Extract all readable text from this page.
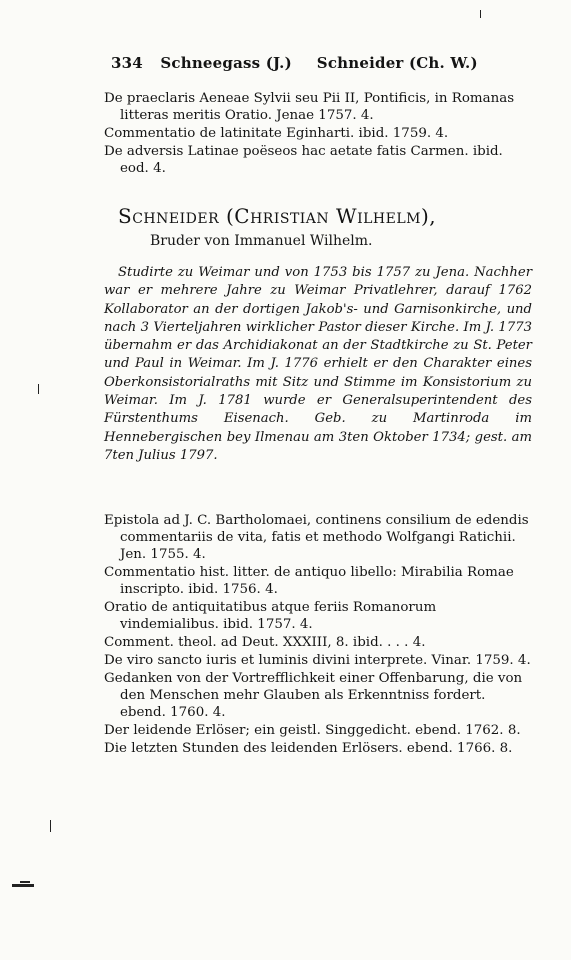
334 Schneegass (J.) Schneider (Ch. W.)

De praeclaris Aeneae Sylvii seu Pii II, Pontificis, in Romanas litteras meritis Oratio. Jenae 1757. 4.

Commentatio de latinitate Eginharti. ibid. 1759. 4.

De adversis Latinae poëseos hac aetate fatis Carmen. ibid. eod. 4.

Schneider (Christian Wilhelm),
Bruder von Immanuel Wilhelm.

Studirte zu Weimar und von 1753 bis 1757 zu Jena. Nachher war er mehrere Jahre zu Weimar Privatlehrer, darauf 1762 Kollaborator an der dortigen Jakob's- und Garnisonkirche, und nach 3 Vierteljahren wirklicher Pastor dieser Kirche. Im J. 1773 übernahm er das Archidiakonat an der Stadtkirche zu St. Peter und Paul in Weimar. Im J. 1776 erhielt er den Charakter eines Oberkonsistorialraths mit Sitz und Stimme im Konsistorium zu Weimar. Im J. 1781 wurde er Generalsuperintendent des Fürstenthums Eisenach. Geb. zu Martinroda im Hennebergischen bey Ilmenau am 3ten Oktober 1734; gest. am 7ten Julius 1797.

Epistola ad J. C. Bartholomaei, continens consilium de edendis commentariis de vita, fatis et methodo Wolfgangi Ratichii. Jen. 1755. 4.

Commentatio hist. litter. de antiquo libello: Mirabilia Romae inscripto. ibid. 1756. 4.

Oratio de antiquitatibus atque feriis Romanorum vindemialibus. ibid. 1757. 4.

Comment. theol. ad Deut. XXXIII, 8. ibid. . . . 4.

De viro sancto iuris et luminis divini interprete. Vinar. 1759. 4.

Gedanken von der Vortrefflichkeit einer Offenbarung, die von den Menschen mehr Glauben als Erkenntniss fordert. ebend. 1760. 4.

Der leidende Erlöser; ein geistl. Singgedicht. ebend. 1762. 8.

Die letzten Stunden des leidenden Erlösers. ebend. 1766. 8.
